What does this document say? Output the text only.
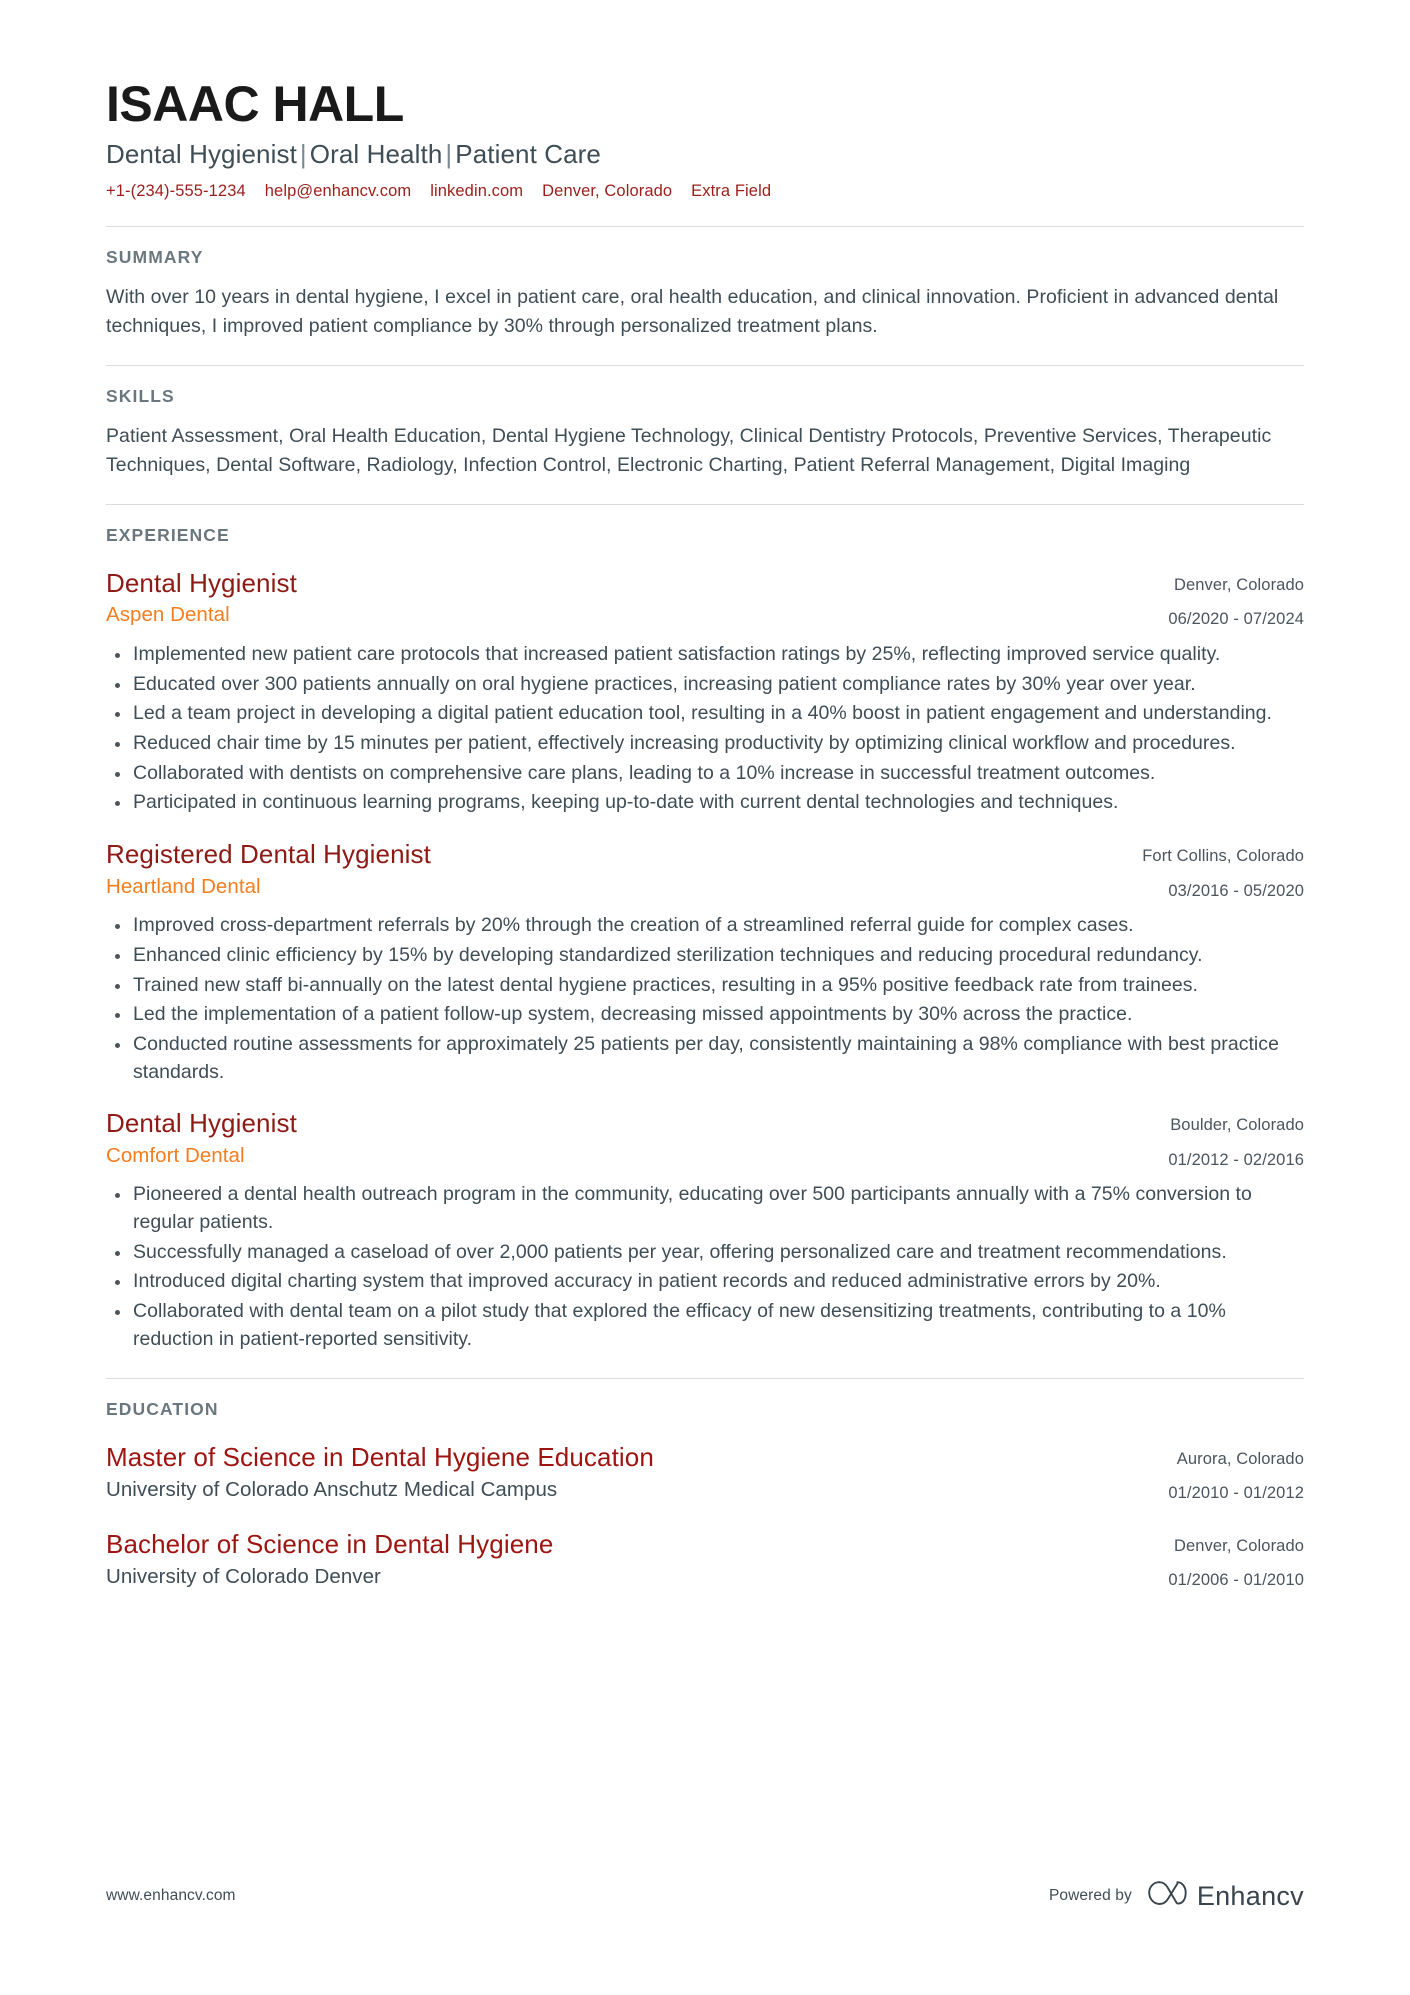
ISAAC HALL
Dental Hygienist | Oral Health | Patient Care
+1-(234)-555-1234 help@enhancv.com linkedin.com Denver, Colorado Extra Field
SUMMARY
With over 10 years in dental hygiene, I excel in patient care, oral health education, and clinical innovation. Proficient in advanced dental techniques, I improved patient compliance by 30% through personalized treatment plans.
SKILLS
Patient Assessment, Oral Health Education, Dental Hygiene Technology, Clinical Dentistry Protocols, Preventive Services, Therapeutic Techniques, Dental Software, Radiology, Infection Control, Electronic Charting, Patient Referral Management, Digital Imaging
EXPERIENCE
Dental Hygienist
Aspen Dental
Denver, Colorado
06/2020 - 07/2024
Implemented new patient care protocols that increased patient satisfaction ratings by 25%, reflecting improved service quality.
Educated over 300 patients annually on oral hygiene practices, increasing patient compliance rates by 30% year over year.
Led a team project in developing a digital patient education tool, resulting in a 40% boost in patient engagement and understanding.
Reduced chair time by 15 minutes per patient, effectively increasing productivity by optimizing clinical workflow and procedures.
Collaborated with dentists on comprehensive care plans, leading to a 10% increase in successful treatment outcomes.
Participated in continuous learning programs, keeping up-to-date with current dental technologies and techniques.
Registered Dental Hygienist
Heartland Dental
Fort Collins, Colorado
03/2016 - 05/2020
Improved cross-department referrals by 20% through the creation of a streamlined referral guide for complex cases.
Enhanced clinic efficiency by 15% by developing standardized sterilization techniques and reducing procedural redundancy.
Trained new staff bi-annually on the latest dental hygiene practices, resulting in a 95% positive feedback rate from trainees.
Led the implementation of a patient follow-up system, decreasing missed appointments by 30% across the practice.
Conducted routine assessments for approximately 25 patients per day, consistently maintaining a 98% compliance with best practice standards.
Dental Hygienist
Comfort Dental
Boulder, Colorado
01/2012 - 02/2016
Pioneered a dental health outreach program in the community, educating over 500 participants annually with a 75% conversion to regular patients.
Successfully managed a caseload of over 2,000 patients per year, offering personalized care and treatment recommendations.
Introduced digital charting system that improved accuracy in patient records and reduced administrative errors by 20%.
Collaborated with dental team on a pilot study that explored the efficacy of new desensitizing treatments, contributing to a 10% reduction in patient-reported sensitivity.
EDUCATION
Master of Science in Dental Hygiene Education
University of Colorado Anschutz Medical Campus
Aurora, Colorado
01/2010 - 01/2012
Bachelor of Science in Dental Hygiene
University of Colorado Denver
Denver, Colorado
01/2006 - 01/2010
www.enhancv.com	Powered by Enhancv
